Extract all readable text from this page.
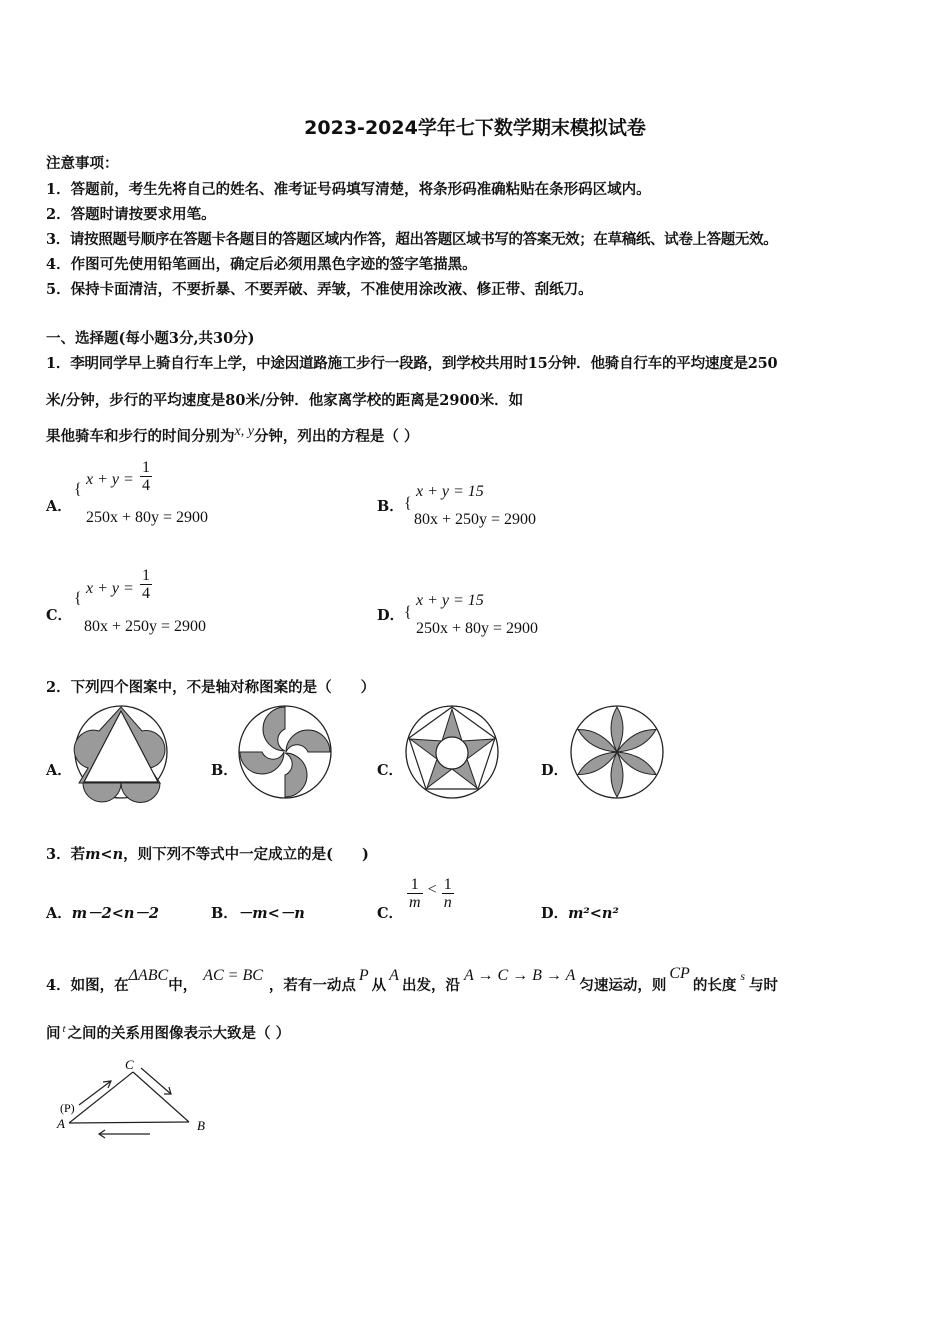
2023-2024学年七下数学期末模拟试卷
注意事项：
1．答题前，考生先将自己的姓名、准考证号码填写清楚，将条形码准确粘贴在条形码区域内。
2．答题时请按要求用笔。
3．请按照题号顺序在答题卡各题目的答题区域内作答，超出答题区域书写的答案无效；在草稿纸、试卷上答题无效。
4．作图可先使用铅笔画出，确定后必须用黑色字迹的签字笔描黑。
5．保持卡面清洁，不要折暴、不要弄破、弄皱，不准使用涂改液、修正带、刮纸刀。
一、选择题(每小题3分,共30分)
1．李明同学早上骑自行车上学，中途因道路施工步行一段路，到学校共用时15分钟．他骑自行车的平均速度是250
米/分钟，步行的平均速度是80米/分钟．他家离学校的距离是2900米．如
果他骑车和步行的时间分别为x, y分钟，列出的方程是（ ）
A．
{
$x + y = \frac{1}{4}$
250x + 80y = 2900
B． {
x + y = 15
80x + 250y = 2900
C．
{
$x + y = \frac{1}{4}$
80x + 250y = 2900
D． {
x + y = 15
250x + 80y = 2900
2．下列四个图案中，不是轴对称图案的是（　　）
A．	B．	C．	D．
3．若m<n，则下列不等式中一定成立的是(　　)
A．m－2<n－2	B．－m<－n	C．
$\frac{1}{m} < \frac{1}{n}$
D．m²<n²
4．如图，在ΔABC中，AC = BC，若有一动点P从A出发，沿A → C → B → A匀速运动，则CP的长度$^s$与时
间 $^t$ 之间的关系用图像表示大致是（ ）
A	B
C
(P)
